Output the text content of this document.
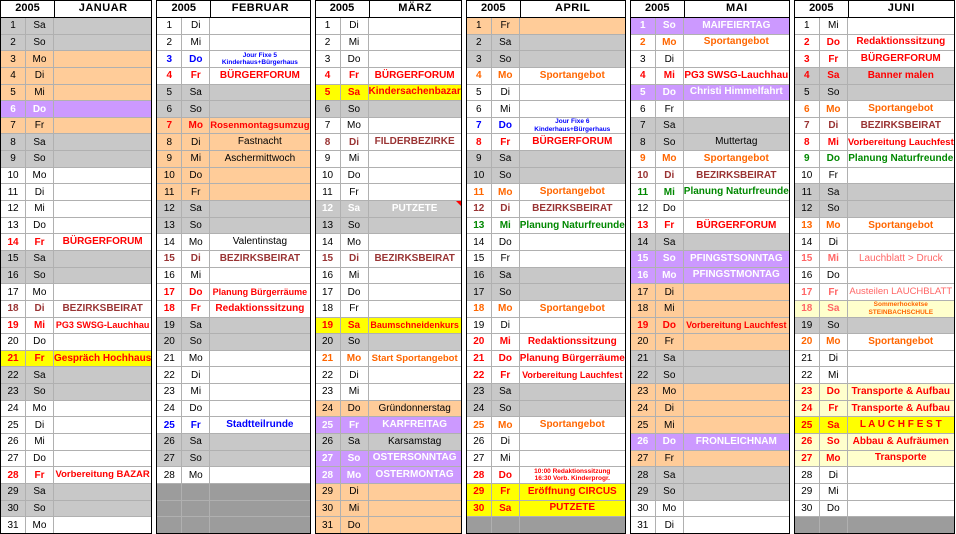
2005	JANUAR
1	Sa
2	So
3	Mo
4	Di
5	Mi
6	Do
7	Fr
8	Sa
9	So
10	Mo
11	Di
12	Mi
13	Do
14	Fr	BÜRGERFORUM
15	Sa
16	So
17	Mo
18	Di	BEZIRKSBEIRAT
19	Mi	PG3 SWSG-Lauchhau
20	Do
21	Fr Gespräch Hochhaus
22	Sa
23	So
24	Mo
25	Di
26	Mi
27	Do
28	Fr	Vorbereitung BAZAR
29	Sa
30	So
31	Mo
2005	FEBRUAR
1	Di
2	Mi
3	Do	Jour Fixe 5
Kinderhaus+Bürgerhaus
4	Fr	BÜRGERFORUM
5	Sa
6	So
7	Mo Rosenmontagsumzug
8	Di	Fastnacht
9	Mi	Aschermittwoch
10	Do
11	Fr
12	Sa
13	So
14	Mo	Valentinstag
15	Di	BEZIRKSBEIRAT
16	Mi
17	Do	Planung Bürgerräume
18	Fr	Redaktionssitzung
19	Sa
20	So
21	Mo
22	Di
23	Mi
24	Do
25	Fr	Stadtteilrunde
26	Sa
27	So
28	Mo
2005	MÄRZ
1	Di
2	Mi
3	Do
4	Fr	BÜRGERFORUM
5	Sa Kindersachenbazar
6	So
7	Mo
8	Di	FILDERBEZIRKE
9	Mi
10	Do
11	Fr
12	Sa	PUTZETE
13	So
14	Mo
15	Di	BEZIRKSBEIRAT
16	Mi
17	Do
18	Fr
19	Sa	Baumschneidenkurs
20	So
21	Mo	Start Sportangebot
22	Di
23	Mi
24	Do	Gründonnerstag
25	Fr	KARFREITAG
26	Sa	Karsamstag
27	So	OSTERSONNTAG
28	Mo	OSTERMONTAG
29	Di
30	Mi
31	Do
2005	APRIL
1	Fr
2	Sa
3	So
4	Mo	Sportangebot
5	Di
6	Mi
7	Do	Jour Fixe 6
Kinderhaus+Bürgerhaus
8	Fr	BÜRGERFORUM
9	Sa
10	So
11	Mo	Sportangebot
12	Di	BEZIRKSBEIRAT
13	Mi Planung Naturfreunde
14	Do
15	Fr
16	Sa
17	So
18	Mo	Sportangebot
19	Di
20	Mi	Redaktionssitzung
21	Do Planung Bürgerräume
22	Fr	Vorbereitung Lauchfest
23	Sa
24	So
25	Mo	Sportangebot
26	Di
27	Mi
28	Do	10:00 Redaktionssitzung
16:30 Vorb. Kinderprogr.
29	Fr	Eröffnung CIRCUS
30	Sa	PUTZETE
2005	MAI
1	So	MAIFEIERTAG
2	Mo	Sportangebot
3	Di
4	Mi PG3 SWSG-Lauchhau
5	Do	Christi Himmelfahrt
6	Fr
7	Sa
8	So	Muttertag
9	Mo	Sportangebot
10	Di	BEZIRKSBEIRAT
11	Mi Planung Naturfreunde
12	Do
13	Fr	BÜRGERFORUM
14	Sa
15	So	PFINGSTSONNTAG
16	Mo	PFINGSTMONTAG
17	Di
18	Mi
19	Do	Vorbereitung Lauchfest
20	Fr
21	Sa
22	So
23	Mo
24	Di
25	Mi
26	Do	FRONLEICHNAM
27	Fr
28	Sa
29	So
30	Mo
31	Di
2005	JUNI
1	Mi
2	Do	Redaktionssitzung
3	Fr	BÜRGERFORUM
4	Sa	Banner malen
5	So
6	Mo	Sportangebot
7	Di	BEZIRKSBEIRAT
8	Mi Vorbereitung Lauchfest
9	Do Planung Naturfreunde
10	Fr
11	Sa
12	So
13	Mo	Sportangebot
14	Di
15	Mi	Lauchblatt > Druck
16	Do
17	Fr	Austeilen LAUCHBLATT
18	Sa	Sommerhocketse
STEINBACHSCHULE
19	So
20	Mo	Sportangebot
21	Di
22	Mi
23	Do	Transporte & Aufbau
24	Fr	Transporte & Aufbau
25	Sa	L A U C H F E S T
26	So	Abbau & Aufräumen
27	Mo	Transporte
28	Di
29	Mi
30	Do
